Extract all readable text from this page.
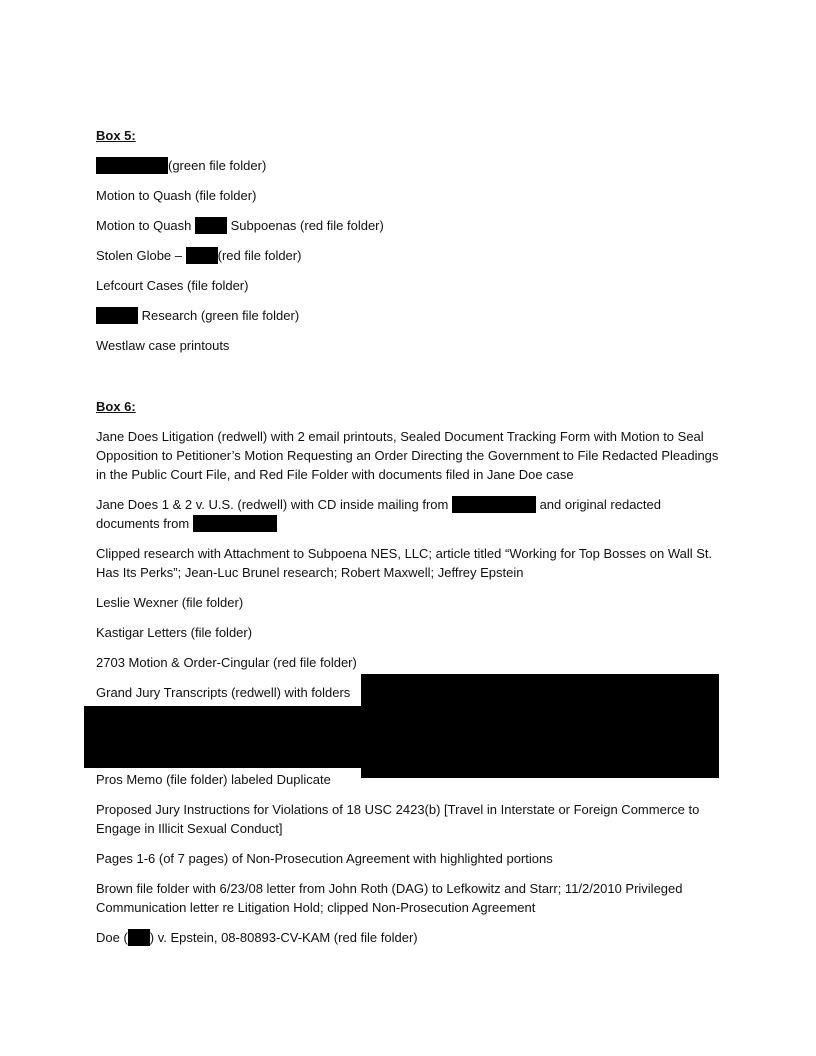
Box 5:
(green file folder)
Motion to Quash (file folder)
Motion to Quash	Subpoenas (red file folder)
Stolen Globe –	(red file folder)
Lefcourt Cases (file folder)
Research (green file folder)
Westlaw case printouts
Box 6:
Jane Does Litigation (redwell) with 2 email printouts, Sealed Document Tracking Form with Motion to Seal Opposition to Petitioner’s Motion Requesting an Order Directing the Government to File Redacted Pleadings in the Public Court File, and Red File Folder with documents filed in Jane Doe case
Jane Does 1 & 2 v. U.S. (redwell) with CD inside mailing from	and original redacted documents from
Clipped research with Attachment to Subpoena NES, LLC; article titled “Working for Top Bosses on Wall St. Has Its Perks”; Jean-Luc Brunel research; Robert Maxwell; Jeffrey Epstein
Leslie Wexner (file folder)
Kastigar Letters (file folder)
2703 Motion & Order-Cingular (red file folder)
Grand Jury Transcripts (redwell) with folders
Pros Memo (file folder) labeled Duplicate
Proposed Jury Instructions for Violations of 18 USC 2423(b) [Travel in Interstate or Foreign Commerce to Engage in Illicit Sexual Conduct]
Pages 1-6 (of 7 pages) of Non-Prosecution Agreement with highlighted portions
Brown file folder with 6/23/08 letter from John Roth (DAG) to Lefkowitz and Starr; 11/2/2010 Privileged Communication letter re Litigation Hold; clipped Non-Prosecution Agreement
Doe ( ) v. Epstein, 08-80893-CV-KAM (red file folder)
